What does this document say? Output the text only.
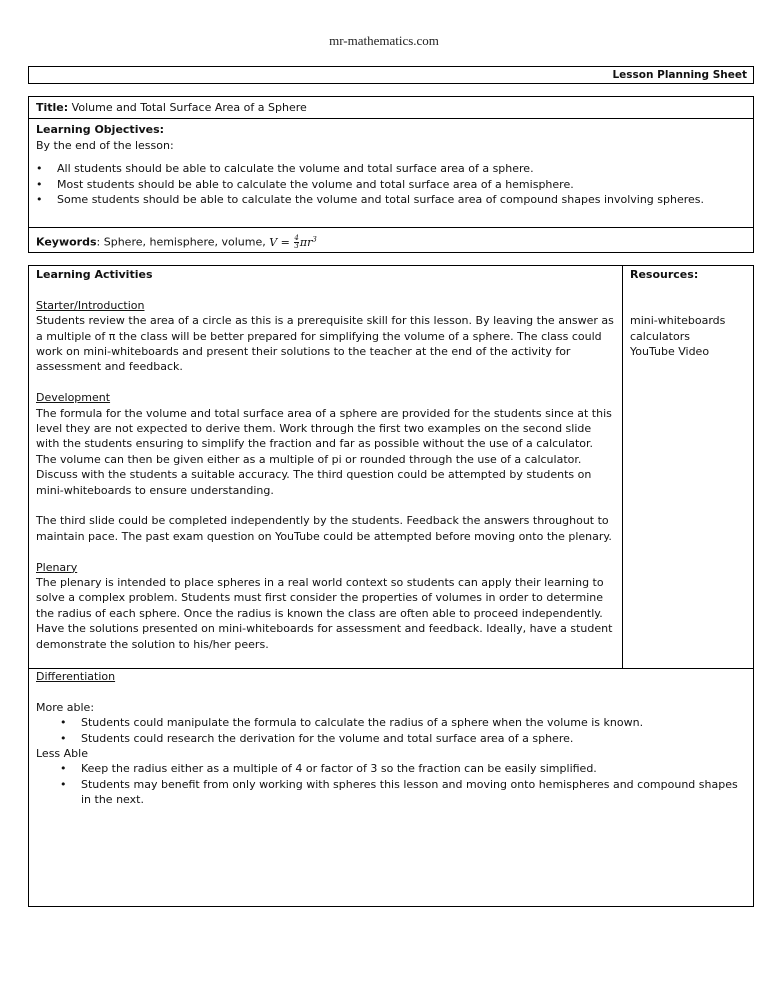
mr-mathematics.com
Lesson Planning Sheet
Title: Volume and Total Surface Area of a Sphere
Learning Objectives:
By the end of the lesson:
• All students should be able to calculate the volume and total surface area of a sphere.
• Most students should be able to calculate the volume and total surface area of a hemisphere.
• Some students should be able to calculate the volume and total surface area of compound shapes involving spheres.
Keywords: Sphere, hemisphere, volume, $V = \frac{4}{3} \pi r^3$
Learning Activities
Starter/Introduction

Students review the area of a circle as this is a prerequisite skill for this lesson. By leaving the answer as a multiple of π the class will be better prepared for simplifying the volume of a sphere. The class could work on mini-whiteboards and present their solutions to the teacher at the end of the activity for assessment and feedback.

Development

The formula for the volume and total surface area of a sphere are provided for the students since at this level they are not expected to derive them. Work through the first two examples on the second slide with the students ensuring to simplify the fraction and far as possible without the use of a calculator. The volume can then be given either as a multiple of pi or rounded through the use of a calculator. Discuss with the students a suitable accuracy. The third question could be attempted by students on mini-whiteboards to ensure understanding.

The third slide could be completed independently by the students. Feedback the answers throughout to maintain pace. The past exam question on YouTube could be attempted before moving onto the plenary.

Plenary

The plenary is intended to place spheres in a real world context so students can apply their learning to solve a complex problem. Students must first consider the properties of volumes in order to determine the radius of each sphere. Once the radius is known the class are often able to proceed independently. Have the solutions presented on mini-whiteboards for assessment and feedback. Ideally, have a student demonstrate the solution to his/her peers.

Resources:
mini-whiteboards
calculators
YouTube Video
Differentiation
More able:
• Students could manipulate the formula to calculate the radius of a sphere when the volume is known.
• Students could research the derivation for the volume and total surface area of a sphere.
Less Able
• Keep the radius either as a multiple of 4 or factor of 3 so the fraction can be easily simplified.
• Students may benefit from only working with spheres this lesson and moving onto hemispheres and compound shapes in the next.
